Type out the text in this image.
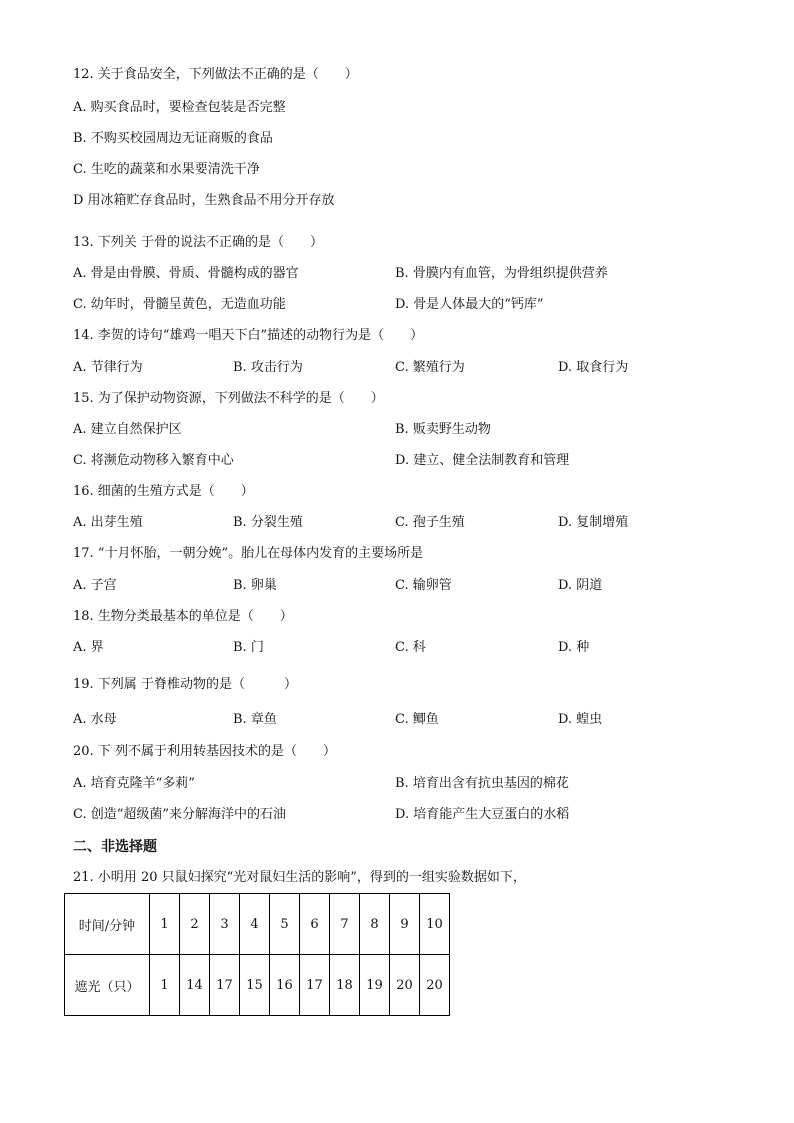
12. 关于食品安全，下列做法不正确的是（　　）
A. 购买食品时，要检查包装是否完整
B. 不购买校园周边无证商贩的食品
C. 生吃的蔬菜和水果要清洗干净
D 用冰箱贮存食品时，生熟食品不用分开存放
13. 下列关 于骨的说法不正确的是（　　）
A. 骨是由骨膜、骨质、骨髓构成的器官	B. 骨膜内有血管，为骨组织提供营养
C. 幼年时，骨髓呈黄色，无造血功能	D. 骨是人体最大的“钙库”
14. 李贺的诗句“雄鸡一唱天下白”描述的动物行为是（　　）
A. 节律行为	B. 攻击行为	C. 繁殖行为	D. 取食行为
15. 为了保护动物资源，下列做法不科学的是（　　）
A. 建立自然保护区	B. 贩卖野生动物
C. 将濒危动物移入繁育中心	D. 建立、健全法制教育和管理
16. 细菌的生殖方式是（　　）
A. 出芽生殖	B. 分裂生殖	C. 孢子生殖	D. 复制增殖
17. “十月怀胎，一朝分娩”。胎儿在母体内发育的主要场所是
A. 子宫	B. 卵巢	C. 输卵管	D. 阴道
18. 生物分类最基本的单位是（　　）
A. 界	B. 门	C. 科	D. 种
19. 下列属 于脊椎动物的是（　　　）
A. 水母	B. 章鱼	C. 鲫鱼	D. 蝗虫
20. 下 列不属于利用转基因技术的是（　　）
A. 培育克隆羊“多莉”	B. 培育出含有抗虫基因的棉花
C. 创造“超级菌”来分解海洋中的石油	D. 培育能产生大豆蛋白的水稻
二、非选择题
21. 小明用 20 只鼠妇探究“光对鼠妇生活的影响”，得到的一组实验数据如下，
时间/分钟	1	2	3	4	5	6	7	8	9	10
遮光（只）	1	14	17	15	16	17	18	19	20	20
